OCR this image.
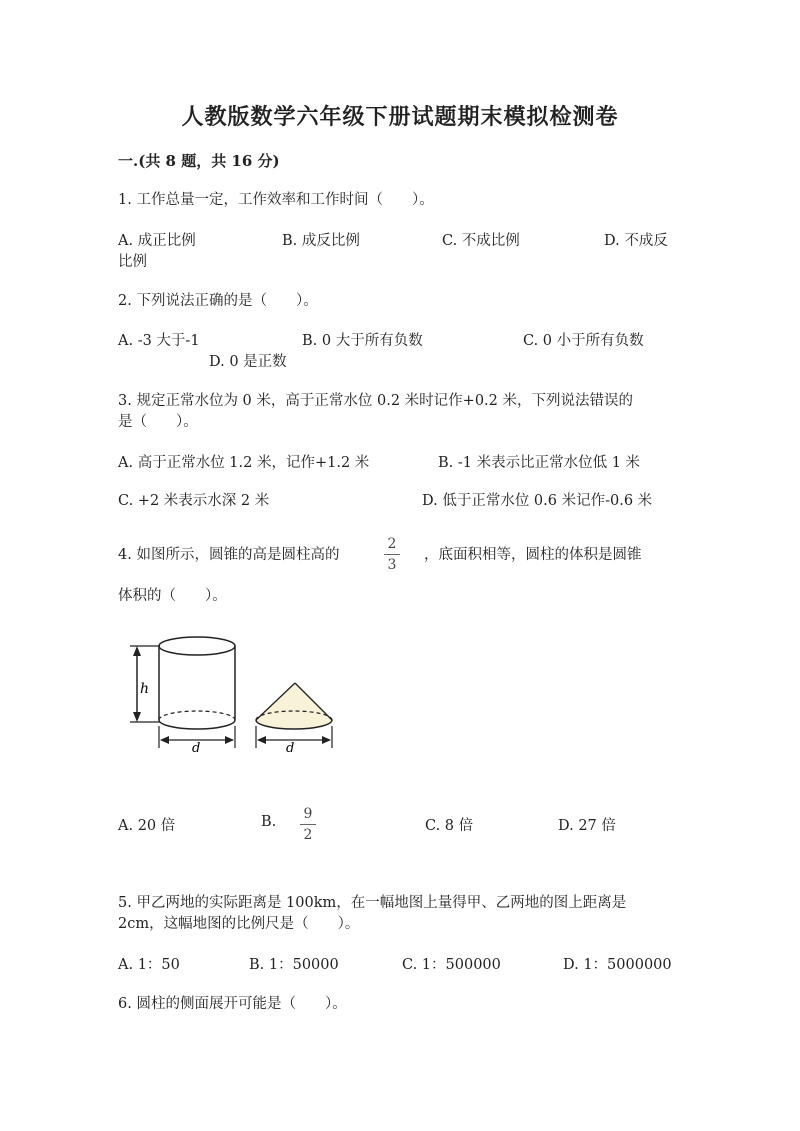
人教版数学六年级下册试题期末模拟检测卷
一.(共 8 题，共 16 分)
1. 工作总量一定，工作效率和工作时间（　　）。
A. 成正比例	B. 成反比例	C. 不成比例	D. 不成反
比例
2. 下列说法正确的是（　　）。
A. -3 大于-1	B. 0 大于所有负数	C. 0 小于所有负数
D. 0 是正数
3. 规定正常水位为 0 米，高于正常水位 0.2 米时记作+0.2 米，下列说法错误的
是（　　）。
A. 高于正常水位 1.2 米，记作+1.2 米	B. -1 米表示比正常水位低 1 米
C. +2 米表示水深 2 米	D. 低于正常水位 0.6 米记作-0.6 米
4. 如图所示，圆锥的高是圆柱高的
2
3
，底面积相等，圆柱的体积是圆锥
体积的（　　）。
h
d	d
A. 20 倍	B.	9
2
C. 8 倍	D. 27 倍
5. 甲乙两地的实际距离是 100km，在一幅地图上量得甲、乙两地的图上距离是
2cm，这幅地图的比例尺是（　　）。
A. 1：50	B. 1：50000	C. 1：500000	D. 1：5000000
6. 圆柱的侧面展开可能是（　　）。
